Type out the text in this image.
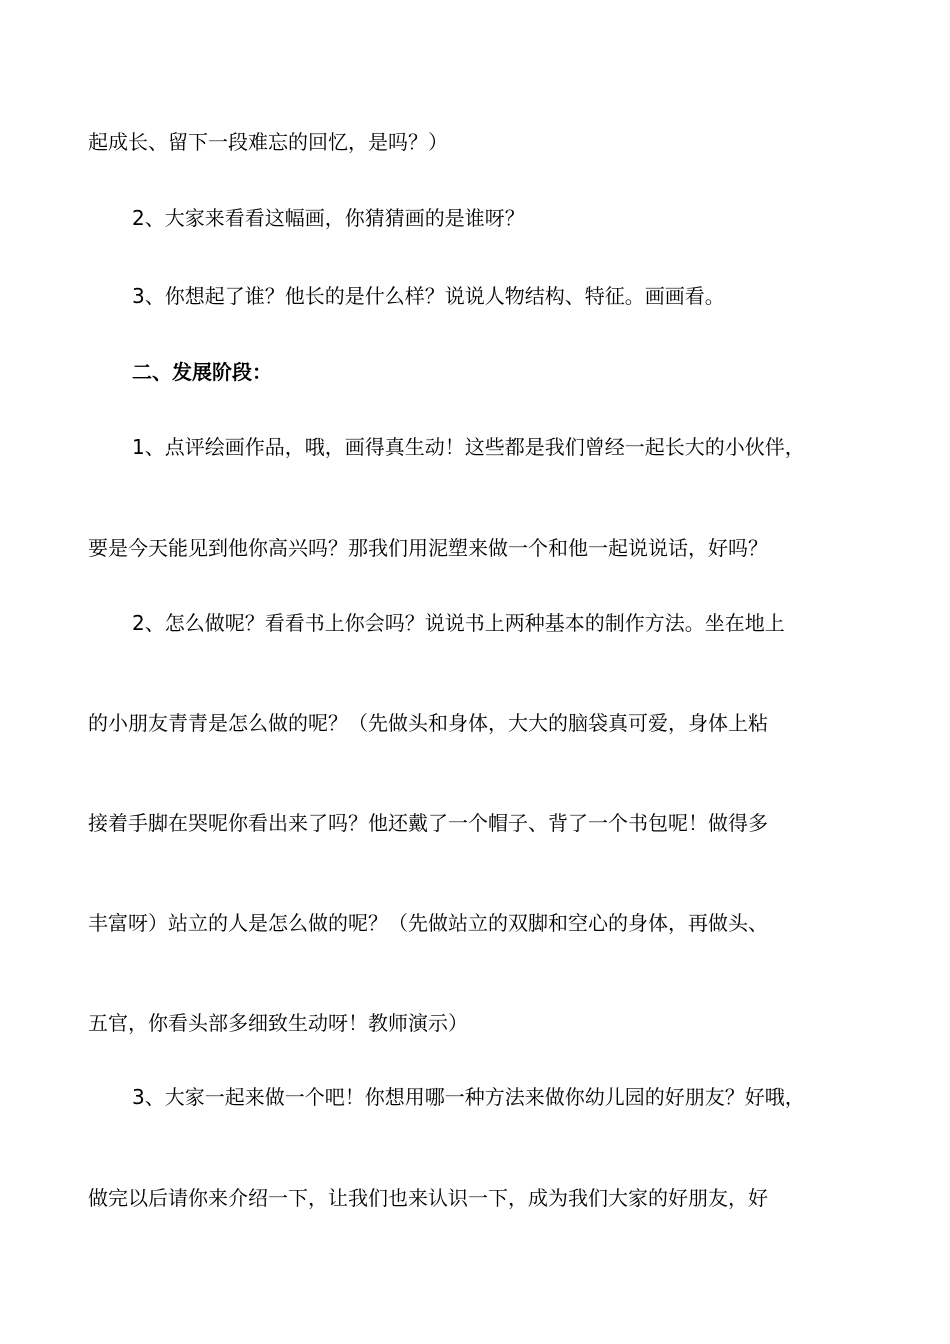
起成长、留下一段难忘的回忆，是吗？）
2、大家来看看这幅画，你猜猜画的是谁呀？
3、你想起了谁？他长的是什么样？说说人物结构、特征。画画看。
二、发展阶段：
1、点评绘画作品，哦，画得真生动！这些都是我们曾经一起长大的小伙伴，
要是今天能见到他你高兴吗？那我们用泥塑来做一个和他一起说说话，好吗？
2、怎么做呢？看看书上你会吗？说说书上两种基本的制作方法。坐在地上
的小朋友青青是怎么做的呢？（先做头和身体，大大的脑袋真可爱，身体上粘
接着手脚在哭呢你看出来了吗？他还戴了一个帽子、背了一个书包呢！做得多
丰富呀）站立的人是怎么做的呢？（先做站立的双脚和空心的身体，再做头、
五官，你看头部多细致生动呀！教师演示）
3、大家一起来做一个吧！你想用哪一种方法来做你幼儿园的好朋友？好哦，
做完以后请你来介绍一下，让我们也来认识一下，成为我们大家的好朋友，好
